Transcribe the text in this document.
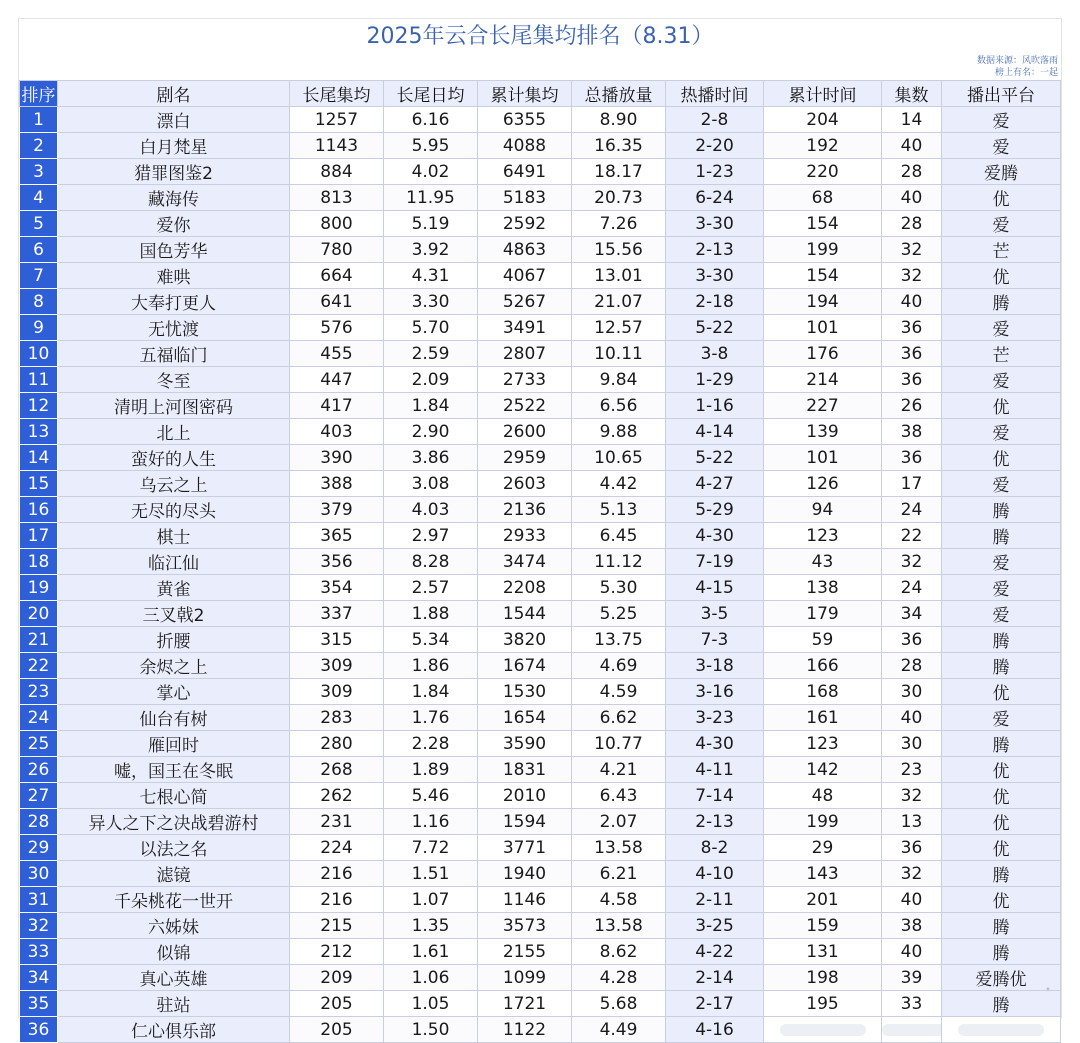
2025年云合长尾集均排名（8.31）
数据来源：风吹落雨
榜上有名：一起
排序	剧名	长尾集均	长尾日均	累计集均	总播放量	热播时间	累计时间	集数	播出平台
1	漂白	1257	6.16	6355	8.90	2-8	204	14	爱
2	白月梵星	1143	5.95	4088	16.35	2-20	192	40	爱
3	猎罪图鉴2	884	4.02	6491	18.17	1-23	220	28	爱腾
4	藏海传	813	11.95	5183	20.73	6-24	68	40	优
5	爱你	800	5.19	2592	7.26	3-30	154	28	爱
6	国色芳华	780	3.92	4863	15.56	2-13	199	32	芒
7	难哄	664	4.31	4067	13.01	3-30	154	32	优
8	大奉打更人	641	3.30	5267	21.07	2-18	194	40	腾
9	无忧渡	576	5.70	3491	12.57	5-22	101	36	爱
10	五福临门	455	2.59	2807	10.11	3-8	176	36	芒
11	冬至	447	2.09	2733	9.84	1-29	214	36	爱
12	清明上河图密码	417	1.84	2522	6.56	1-16	227	26	优
13	北上	403	2.90	2600	9.88	4-14	139	38	爱
14	蛮好的人生	390	3.86	2959	10.65	5-22	101	36	优
15	乌云之上	388	3.08	2603	4.42	4-27	126	17	爱
16	无尽的尽头	379	4.03	2136	5.13	5-29	94	24	腾
17	棋士	365	2.97	2933	6.45	4-30	123	22	腾
18	临江仙	356	8.28	3474	11.12	7-19	43	32	爱
19	黄雀	354	2.57	2208	5.30	4-15	138	24	爱
20	三叉戟2	337	1.88	1544	5.25	3-5	179	34	爱
21	折腰	315	5.34	3820	13.75	7-3	59	36	腾
22	余烬之上	309	1.86	1674	4.69	3-18	166	28	腾
23	掌心	309	1.84	1530	4.59	3-16	168	30	优
24	仙台有树	283	1.76	1654	6.62	3-23	161	40	爱
25	雁回时	280	2.28	3590	10.77	4-30	123	30	腾
26	嘘，国王在冬眠	268	1.89	1831	4.21	4-11	142	23	优
27	七根心简	262	5.46	2010	6.43	7-14	48	32	优
28	异人之下之决战碧游村	231	1.16	1594	2.07	2-13	199	13	优
29	以法之名	224	7.72	3771	13.58	8-2	29	36	优
30	滤镜	216	1.51	1940	6.21	4-10	143	32	腾
31	千朵桃花一世开	216	1.07	1146	4.58	2-11	201	40	优
32	六姊妹	215	1.35	3573	13.58	3-25	159	38	腾
33	似锦	212	1.61	2155	8.62	4-22	131	40	腾
34	真心英雄	209	1.06	1099	4.28	2-14	198	39	爱腾优
35	驻站	205	1.05	1721	5.68	2-17	195	33	腾
36	仁心俱乐部	205	1.50	1122	4.49	4-16			
ᐩ
